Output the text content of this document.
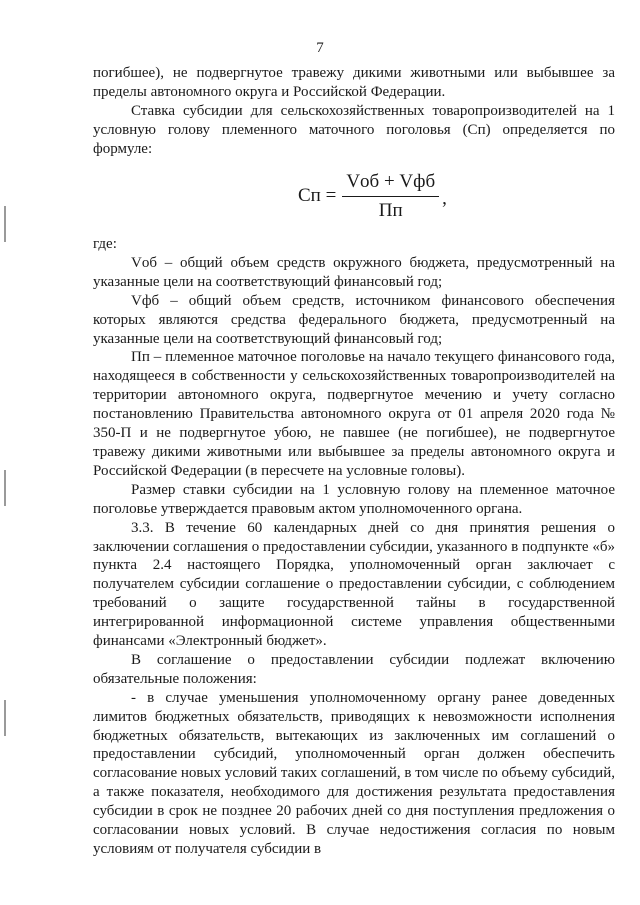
7

погибшее), не подвергнутое травежу дикими животными или выбывшее за пределы автономного округа и Российской Федерации.

Ставка субсидии для сельскохозяйственных товаропроизводителей на 1 условную голову племенного маточного поголовья (Сп) определяется по формуле:

Сп = $\frac{\text{Vоб + Vфб}}{Пп}$ ,

где:

Vоб – общий объем средств окружного бюджета, предусмотренный на указанные цели на соответствующий финансовый год;

Vфб – общий объем средств, источником финансового обеспечения которых являются средства федерального бюджета, предусмотренный на указанные цели на соответствующий финансовый год;

Пп – племенное маточное поголовье на начало текущего финансового года, находящееся в собственности у сельскохозяйственных товаропроизводителей на территории автономного округа, подвергнутое мечению и учету согласно постановлению Правительства автономного округа от 01 апреля 2020 года № 350-П и не подвергнутое убою, не павшее (не погибшее), не подвергнутое травежу дикими животными или выбывшее за пределы автономного округа и Российской Федерации (в пересчете на условные головы).

Размер ставки субсидии на 1 условную голову на племенное маточное поголовье утверждается правовым актом уполномоченного органа.

3.3. В течение 60 календарных дней со дня принятия решения о заключении соглашения о предоставлении субсидии, указанного в подпункте «б» пункта 2.4 настоящего Порядка, уполномоченный орган заключает с получателем субсидии соглашение о предоставлении субсидии, с соблюдением требований о защите государственной тайны в государственной интегрированной информационной системе управления общественными финансами «Электронный бюджет».

В соглашение о предоставлении субсидии подлежат включению обязательные положения:

- в случае уменьшения уполномоченному органу ранее доведенных лимитов бюджетных обязательств, приводящих к невозможности исполнения бюджетных обязательств, вытекающих из заключенных им соглашений о предоставлении субсидий, уполномоченный орган должен обеспечить согласование новых условий таких соглашений, в том числе по объему субсидий, а также показателя, необходимого для достижения результата предоставления субсидии в срок не позднее 20 рабочих дней со дня поступления предложения о согласовании новых условий. В случае недостижения согласия по новым условиям от получателя субсидии в
